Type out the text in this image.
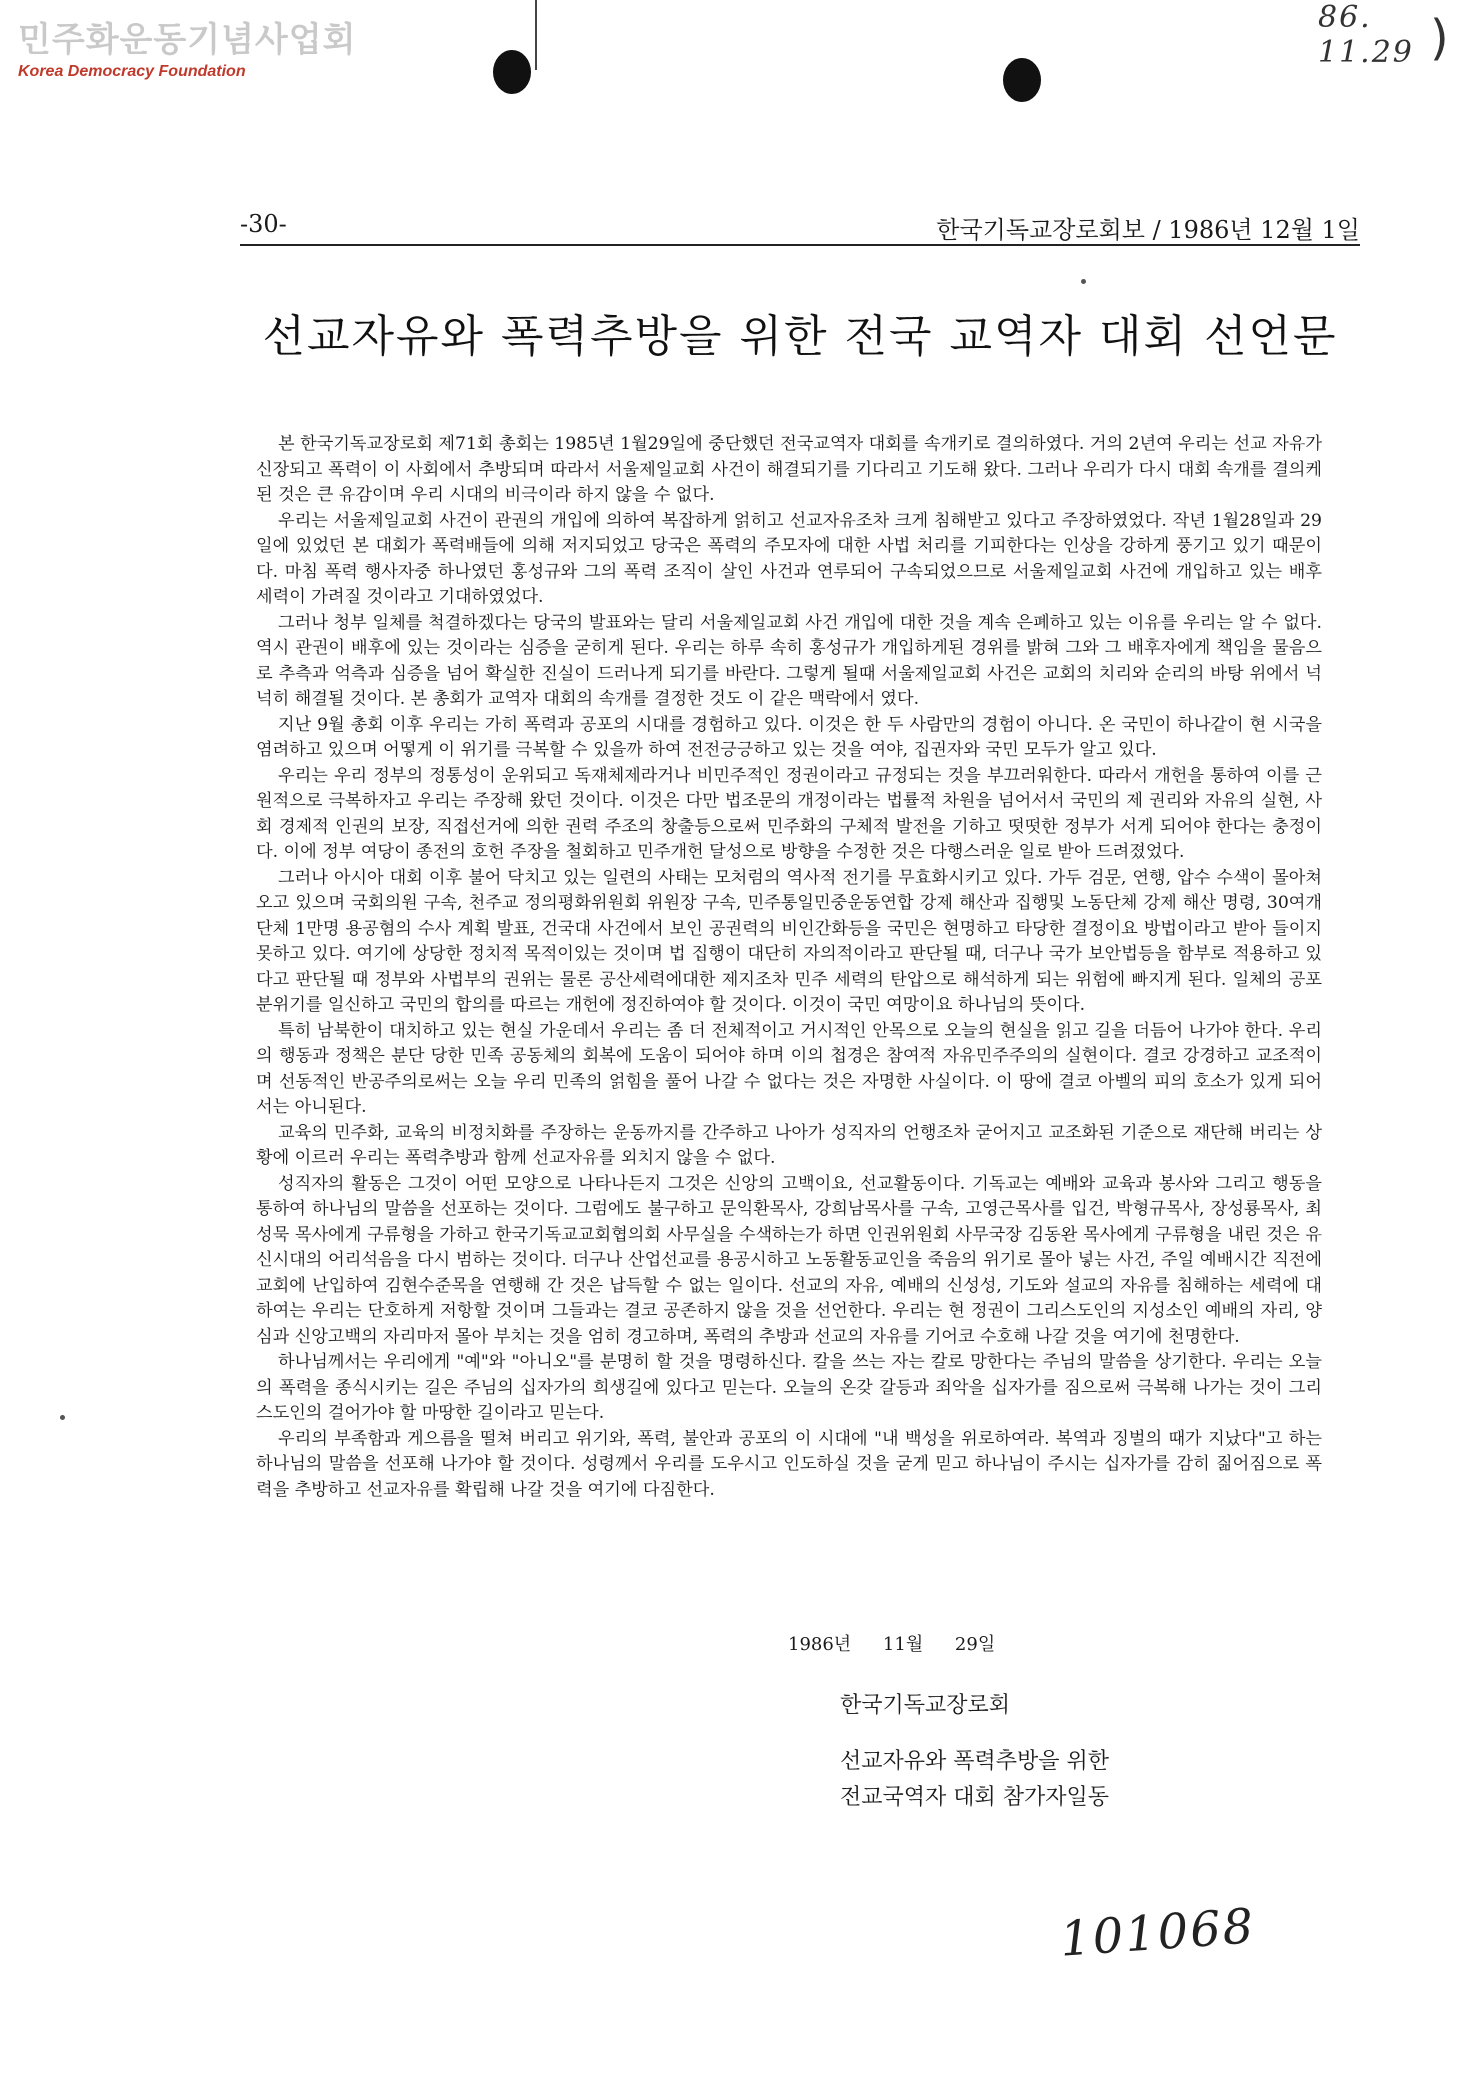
민주화운동기념사업회
Korea Democracy Foundation
86. 11.29 )
-30-	한국기독교장로회보 / 1986년 12월 1일
선교자유와 폭력추방을 위한 전국 교역자 대회 선언문

본 한국기독교장로회 제71회 총회는 1985년 1월29일에 중단했던 전국교역자 대회를 속개키로 결의하였다. 거의 2년여 우리는 선교 자유가 신장되고 폭력이 이 사회에서 추방되며 따라서 서울제일교회 사건이 해결되기를 기다리고 기도해 왔다. 그러나 우리가 다시 대회 속개를 결의케된 것은 큰 유감이며 우리 시대의 비극이라 하지 않을 수 없다.

우리는 서울제일교회 사건이 관권의 개입에 의하여 복잡하게 얽히고 선교자유조차 크게 침해받고 있다고 주장하였었다. 작년 1월28일과 29일에 있었던 본 대회가 폭력배들에 의해 저지되었고 당국은 폭력의 주모자에 대한 사법 처리를 기피한다는 인상을 강하게 풍기고 있기 때문이다. 마침 폭력 행사자중 하나였던 홍성규와 그의 폭력 조직이 살인 사건과 연루되어 구속되었으므로 서울제일교회 사건에 개입하고 있는 배후 세력이 가려질 것이라고 기대하였었다.

그러나 청부 일체를 척결하겠다는 당국의 발표와는 달리 서울제일교회 사건 개입에 대한 것을 계속 은폐하고 있는 이유를 우리는 알 수 없다. 역시 관권이 배후에 있는 것이라는 심증을 굳히게 된다. 우리는 하루 속히 홍성규가 개입하게된 경위를 밝혀 그와 그 배후자에게 책임을 물음으로 추측과 억측과 심증을 넘어 확실한 진실이 드러나게 되기를 바란다. 그렇게 될때 서울제일교회 사건은 교회의 치리와 순리의 바탕 위에서 넉넉히 해결될 것이다. 본 총회가 교역자 대회의 속개를 결정한 것도 이 같은 맥락에서 였다.

지난 9월 총회 이후 우리는 가히 폭력과 공포의 시대를 경험하고 있다. 이것은 한 두 사람만의 경험이 아니다. 온 국민이 하나같이 현 시국을 염려하고 있으며 어떻게 이 위기를 극복할 수 있을까 하여 전전긍긍하고 있는 것을 여야, 집권자와 국민 모두가 알고 있다.

우리는 우리 정부의 정통성이 운위되고 독재체제라거나 비민주적인 정권이라고 규정되는 것을 부끄러워한다. 따라서 개헌을 통하여 이를 근원적으로 극복하자고 우리는 주장해 왔던 것이다. 이것은 다만 법조문의 개정이라는 법률적 차원을 넘어서서 국민의 제 권리와 자유의 실현, 사회 경제적 인권의 보장, 직접선거에 의한 권력 주조의 창출등으로써 민주화의 구체적 발전을 기하고 떳떳한 정부가 서게 되어야 한다는 충정이다. 이에 정부 여당이 종전의 호헌 주장을 철회하고 민주개헌 달성으로 방향을 수정한 것은 다행스러운 일로 받아 드려졌었다.

그러나 아시아 대회 이후 불어 닥치고 있는 일련의 사태는 모처럼의 역사적 전기를 무효화시키고 있다. 가두 검문, 연행, 압수 수색이 몰아쳐 오고 있으며 국회의원 구속, 천주교 정의평화위원회 위원장 구속, 민주통일민중운동연합 강제 해산과 집행및 노동단체 강제 해산 명령, 30여개 단체 1만명 용공혐의 수사 계획 발표, 건국대 사건에서 보인 공권력의 비인간화등을 국민은 현명하고 타당한 결정이요 방법이라고 받아 들이지 못하고 있다. 여기에 상당한 정치적 목적이있는 것이며 법 집행이 대단히 자의적이라고 판단될 때, 더구나 국가 보안법등을 함부로 적용하고 있다고 판단될 때 정부와 사법부의 권위는 물론 공산세력에대한 제지조차 민주 세력의 탄압으로 해석하게 되는 위험에 빠지게 된다. 일체의 공포분위기를 일신하고 국민의 합의를 따르는 개헌에 정진하여야 할 것이다. 이것이 국민 여망이요 하나님의 뜻이다.

특히 남북한이 대치하고 있는 현실 가운데서 우리는 좀 더 전체적이고 거시적인 안목으로 오늘의 현실을 읽고 길을 더듬어 나가야 한다. 우리의 행동과 정책은 분단 당한 민족 공동체의 회복에 도움이 되어야 하며 이의 첩경은 참여적 자유민주주의의 실현이다. 결코 강경하고 교조적이며 선동적인 반공주의로써는 오늘 우리 민족의 얽힘을 풀어 나갈 수 없다는 것은 자명한 사실이다. 이 땅에 결코 아벨의 피의 호소가 있게 되어서는 아니된다.

교육의 민주화, 교육의 비정치화를 주장하는 운동까지를 간주하고 나아가 성직자의 언행조차 굳어지고 교조화된 기준으로 재단해 버리는 상황에 이르러 우리는 폭력추방과 함께 선교자유를 외치지 않을 수 없다.

성직자의 활동은 그것이 어떤 모양으로 나타나든지 그것은 신앙의 고백이요, 선교활동이다. 기독교는 예배와 교육과 봉사와 그리고 행동을 통하여 하나님의 말씀을 선포하는 것이다. 그럼에도 불구하고 문익환목사, 강희남목사를 구속, 고영근목사를 입건, 박형규목사, 장성룡목사, 최성묵 목사에게 구류형을 가하고 한국기독교교회협의회 사무실을 수색하는가 하면 인권위원회 사무국장 김동완 목사에게 구류형을 내린 것은 유신시대의 어리석음을 다시 범하는 것이다. 더구나 산업선교를 용공시하고 노동활동교인을 죽음의 위기로 몰아 넣는 사건, 주일 예배시간 직전에 교회에 난입하여 김현수준목을 연행해 간 것은 납득할 수 없는 일이다. 선교의 자유, 예배의 신성성, 기도와 설교의 자유를 침해하는 세력에 대하여는 우리는 단호하게 저항할 것이며 그들과는 결코 공존하지 않을 것을 선언한다. 우리는 현 정권이 그리스도인의 지성소인 예배의 자리, 양심과 신앙고백의 자리마저 몰아 부치는 것을 엄히 경고하며, 폭력의 추방과 선교의 자유를 기어코 수호해 나갈 것을 여기에 천명한다.

하나님께서는 우리에게 "예"와 "아니오"를 분명히 할 것을 명령하신다. 칼을 쓰는 자는 칼로 망한다는 주님의 말씀을 상기한다. 우리는 오늘의 폭력을 종식시키는 길은 주님의 십자가의 희생길에 있다고 믿는다. 오늘의 온갖 갈등과 죄악을 십자가를 짐으로써 극복해 나가는 것이 그리스도인의 걸어가야 할 마땅한 길이라고 믿는다.

우리의 부족함과 게으름을 떨쳐 버리고 위기와, 폭력, 불안과 공포의 이 시대에 "내 백성을 위로하여라. 복역과 징벌의 때가 지났다"고 하는 하나님의 말씀을 선포해 나가야 할 것이다. 성령께서 우리를 도우시고 인도하실 것을 굳게 믿고 하나님이 주시는 십자가를 감히 짊어짐으로 폭력을 추방하고 선교자유를 확립해 나갈 것을 여기에 다짐한다.

1986년 11월 29일
한국기독교장로회
선교자유와 폭력추방을 위한
전교국역자 대회 참가자일동
101068
